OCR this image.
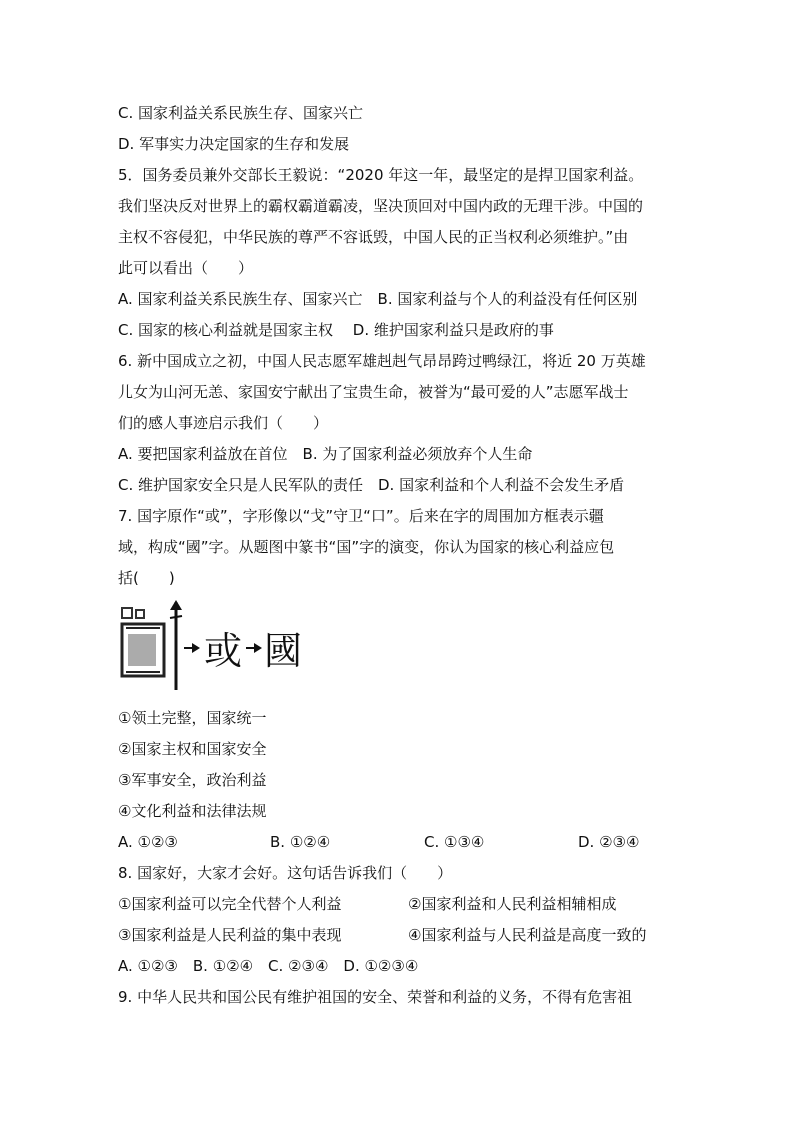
C. 国家利益关系民族生存、国家兴亡
D. 军事实力决定国家的生存和发展
5．国务委员兼外交部长王毅说：“2020 年这一年，最坚定的是捍卫国家利益。
我们坚决反对世界上的霸权霸道霸凌，坚决顶回对中国内政的无理干涉。中国的
主权不容侵犯，中华民族的尊严不容诋毁，中国人民的正当权利必须维护。”由
此可以看出（　　）
A. 国家利益关系民族生存、国家兴亡　B. 国家利益与个人的利益没有任何区别
C. 国家的核心利益就是国家主权　 D. 维护国家利益只是政府的事
6. 新中国成立之初，中国人民志愿军雄赳赳气昂昂跨过鸭绿江，将近 20 万英雄
儿女为山河无恙、家国安宁献出了宝贵生命，被誉为“最可爱的人”志愿军战士
们的感人事迹启示我们（　　）
A. 要把国家利益放在首位　B. 为了国家利益必须放弃个人生命
C. 维护国家安全只是人民军队的责任　D. 国家利益和个人利益不会发生矛盾
7. 国字原作“或”，字形像以“戈”守卫“口”。后来在字的周围加方框表示疆
域，构成“國”字。从题图中篆书“国”字的演变，你认为国家的核心利益应包
括(　　)
或 國
①领土完整，国家统一
②国家主权和国家安全
③军事安全，政治利益
④文化利益和法律法规
A. ①②③	B. ①②④	C. ①③④	D. ②③④
8. 国家好，大家才会好。这句话告诉我们（　　）
①国家利益可以完全代替个人利益	②国家利益和人民利益相辅相成
③国家利益是人民利益的集中表现	④国家利益与人民利益是高度一致的
A. ①②③　B. ①②④　C. ②③④　D. ①②③④
9. 中华人民共和国公民有维护祖国的安全、荣誉和利益的义务，不得有危害祖
